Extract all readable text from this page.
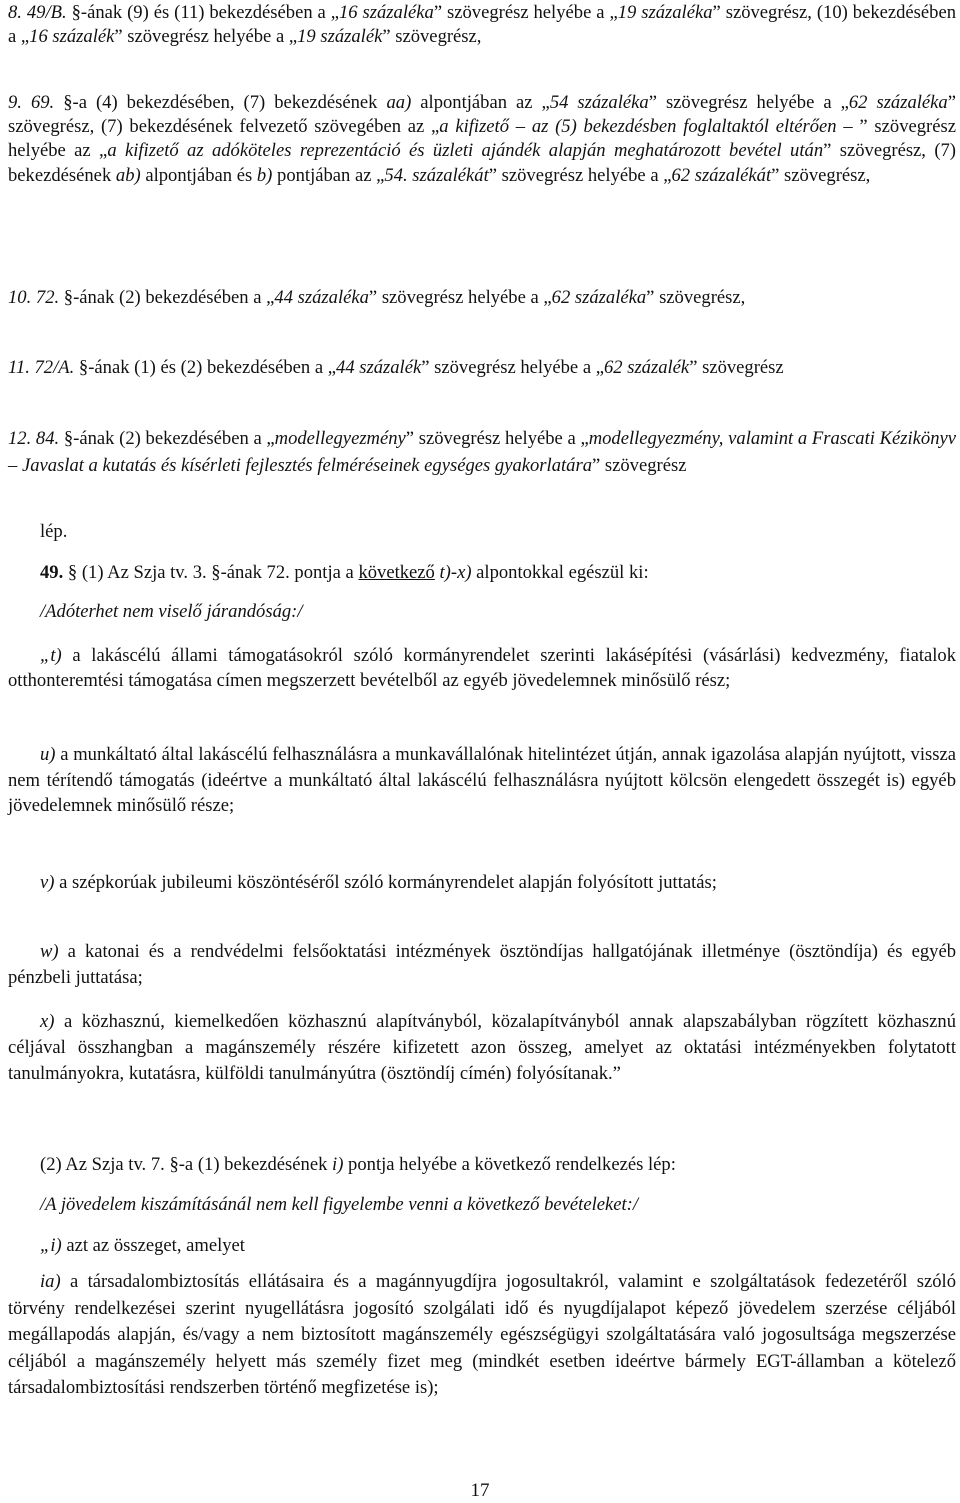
8. 49/B. §-ának (9) és (11) bekezdésében a „16 százaléka” szövegrész helyébe a „19 százaléka” szövegrész, (10) bekezdésében a „16 százalék” szövegrész helyébe a „19 százalék” szövegrész,

9. 69. §-a (4) bekezdésében, (7) bekezdésének aa) alpontjában az „54 százaléka” szövegrész helyébe a „62 százaléka” szövegrész, (7) bekezdésének felvezető szövegében az „a kifizető – az (5) bekezdésben foglaltaktól eltérően – ” szövegrész helyébe az „a kifizető az adóköteles reprezentáció és üzleti ajándék alapján meghatározott bevétel után” szövegrész, (7) bekezdésének ab) alpontjában és b) pontjában az „54. százalékát” szövegrész helyébe a „62 százalékát” szövegrész,

10. 72. §-ának (2) bekezdésében a „44 százaléka” szövegrész helyébe a „62 százaléka” szövegrész,

11. 72/A. §-ának (1) és (2) bekezdésében a „44 százalék” szövegrész helyébe a „62 százalék” szövegrész

12. 84. §-ának (2) bekezdésében a „modellegyezmény” szövegrész helyébe a „modellegyezmény, valamint a Frascati Kézikönyv – Javaslat a kutatás és kísérleti fejlesztés felméréseinek egységes gyakorlatára” szövegrész

lép.

49. § (1) Az Szja tv. 3. §-ának 72. pontja a következő t)-x) alpontokkal egészül ki:

/Adóterhet nem viselő járandóság:/

„t) a lakáscélú állami támogatásokról szóló kormányrendelet szerinti lakásépítési (vásárlási) kedvezmény, fiatalok otthonteremtési támogatása címen megszerzett bevételből az egyéb jövedelemnek minősülő rész;

u) a munkáltató által lakáscélú felhasználásra a munkavállalónak hitelintézet útján, annak igazolása alapján nyújtott, vissza nem térítendő támogatás (ideértve a munkáltató által lakáscélú felhasználásra nyújtott kölcsön elengedett összegét is) egyéb jövedelemnek minősülő része;

v) a szépkorúak jubileumi köszöntéséről szóló kormányrendelet alapján folyósított juttatás;

w) a katonai és a rendvédelmi felsőoktatási intézmények ösztöndíjas hallgatójának illetménye (ösztöndíja) és egyéb pénzbeli juttatása;

x) a közhasznú, kiemelkedően közhasznú alapítványból, közalapítványból annak alapszabályban rögzített közhasznú céljával összhangban a magánszemély részére kifizetett azon összeg, amelyet az oktatási intézményekben folytatott tanulmányokra, kutatásra, külföldi tanulmányútra (ösztöndíj címén) folyósítanak.”

(2) Az Szja tv. 7. §-a (1) bekezdésének i) pontja helyébe a következő rendelkezés lép:

/A jövedelem kiszámításánál nem kell figyelembe venni a következő bevételeket:/

„i) azt az összeget, amelyet

ia) a társadalombiztosítás ellátásaira és a magánnyugdíjra jogosultakról, valamint e szolgáltatások fedezetéről szóló törvény rendelkezései szerint nyugellátásra jogosító szolgálati idő és nyugdíjalapot képező jövedelem szerzése céljából megállapodás alapján, és/vagy a nem biztosított magánszemély egészségügyi szolgáltatására való jogosultsága megszerzése céljából a magánszemély helyett más személy fizet meg (mindkét esetben ideértve bármely EGT-államban a kötelező társadalombiztosítási rendszerben történő megfizetése is);

17
